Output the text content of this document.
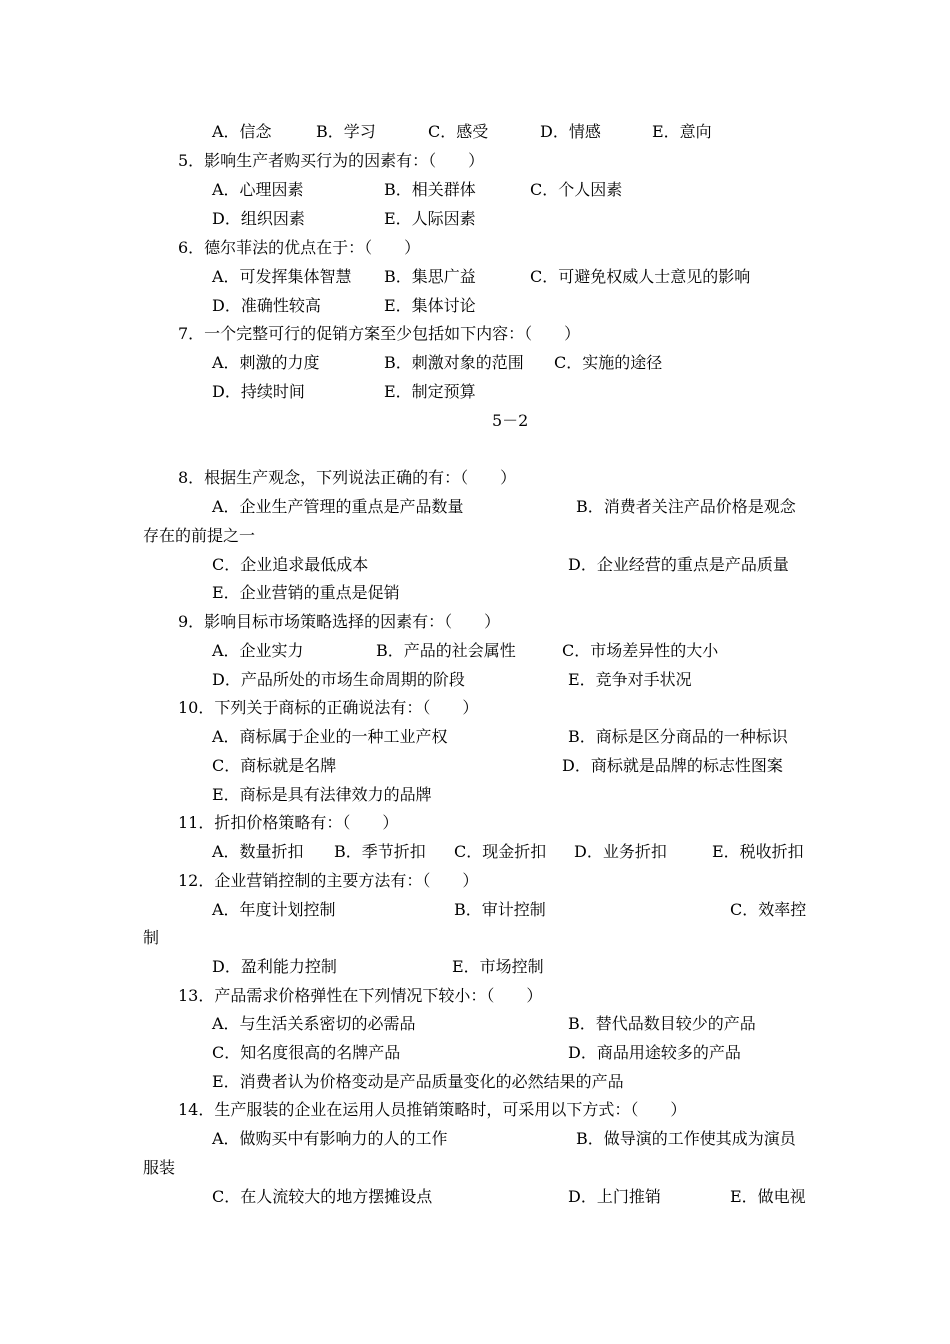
A．信念	B．学习	C．感受	D．情感	E．意向
5．影响生产者购买行为的因素有：（　　）
A．心理因素	B．相关群体	C．个人因素
D．组织因素	E．人际因素
6．德尔菲法的优点在于：（　　）
A．可发挥集体智慧 B．集思广益	C．可避免权威人士意见的影响
D．准确性较高	E．集体讨论
7．一个完整可行的促销方案至少包括如下内容：（　　）
A．刺激的力度	B．刺激对象的范围 C．实施的途径
D．持续时间	E．制定预算
5－2
8．根据生产观念，下列说法正确的有：（　　）
A．企业生产管理的重点是产品数量	B．消费者关注产品价格是观念
存在的前提之一
C．企业追求最低成本	D．企业经营的重点是产品质量
E．企业营销的重点是促销
9．影响目标市场策略选择的因素有：（　　）
A．企业实力	B．产品的社会属性	C．市场差异性的大小
D．产品所处的市场生命周期的阶段	E．竞争对手状况
10．下列关于商标的正确说法有：（　　）
A．商标属于企业的一种工业产权	B．商标是区分商品的一种标识
C．商标就是名牌	D．商标就是品牌的标志性图案
E．商标是具有法律效力的品牌
11．折扣价格策略有：（　　）
A．数量折扣 B．季节折扣 C．现金折扣 D．业务折扣	E．税收折扣
12．企业营销控制的主要方法有：（　　）
A．年度计划控制	B．审计控制	C．效率控
制
D．盈利能力控制	E．市场控制
13．产品需求价格弹性在下列情况下较小：（　　）
A．与生活关系密切的必需品	B．替代品数目较少的产品
C．知名度很高的名牌产品	D．商品用途较多的产品
E．消费者认为价格变动是产品质量变化的必然结果的产品
14．生产服装的企业在运用人员推销策略时，可采用以下方式：（　　）
A．做购买中有影响力的人的工作	B．做导演的工作使其成为演员
服装
C．在人流较大的地方摆摊设点	D．上门推销	E．做电视
